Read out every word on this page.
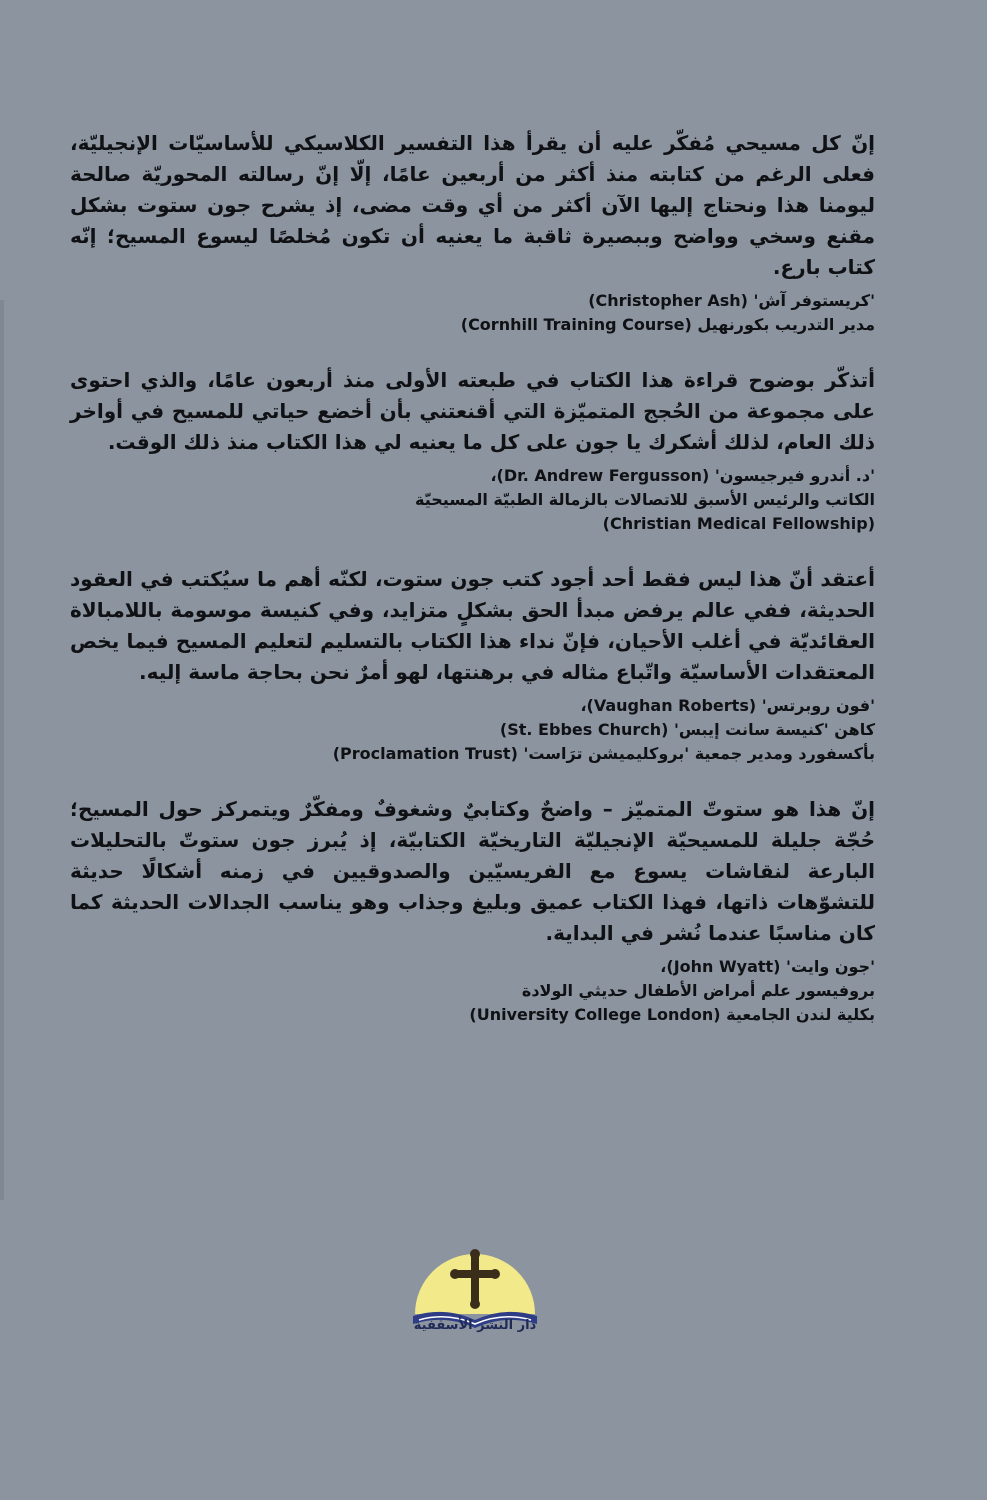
إنّ كل مسيحي مُفكّر عليه أن يقرأ هذا التفسير الكلاسيكي للأساسيّات الإنجيليّة، فعلى الرغم من كتابته منذ أكثر من أربعين عامًا، إلّا إنّ رسالته المحوريّة صالحة ليومنا هذا ونحتاج إليها الآن أكثر من أي وقت مضى، إذ يشرح جون ستوت بشكل مقنع وسخي وواضح وببصيرة ثاقبة ما يعنيه أن تكون مُخلصًا ليسوع المسيح؛ إنّه كتاب بارع.

'كريستوفر آش' (Christopher Ash)
مدير التدريب بكورنهيل (Cornhill Training Course)

أتذكّر بوضوح قراءة هذا الكتاب في طبعته الأولى منذ أربعون عامًا، والذي احتوى على مجموعة من الحُجج المتميّزة التي أقنعتني بأن أخضع حياتي للمسيح في أواخر ذلك العام، لذلك أشكرك يا جون على كل ما يعنيه لي هذا الكتاب منذ ذلك الوقت.

'د. أندرو فيرجيسون' (Dr. Andrew Fergusson)،
الكاتب والرئيس الأسبق للاتصالات بالزمالة الطبيّة المسيحيّة
(Christian Medical Fellowship)

أعتقد أنّ هذا ليس فقط أحد أجود كتب جون ستوت، لكنّه أهم ما سيُكتب في العقود الحديثة، ففي عالم يرفض مبدأ الحق بشكلٍ متزايد، وفي كنيسة موسومة باللامبالاة العقائديّة في أغلب الأحيان، فإنّ نداء هذا الكتاب بالتسليم لتعليم المسيح فيما يخص المعتقدات الأساسيّة واتّباع مثاله في برهنتها، لهو أمرٌ نحن بحاجة ماسة إليه.

'فون روبرتس' (Vaughan Roberts)،
كاهن 'كنيسة سانت إيبس' (St. Ebbes Church)
بأكسفورد ومدير جمعية 'بروكليميشن ترَاست' (Proclamation Trust)

إنّ هذا هو ستوتّ المتميّز – واضحٌ وكتابيٌ وشغوفٌ ومفكّرٌ ويتمركز حول المسيح؛ حُجّة جليلة للمسيحيّة الإنجيليّة التاريخيّة الكتابيّة، إذ يُبرز جون ستوتّ بالتحليلات البارعة لنقاشات يسوع مع الفريسيّين والصدوقيين في زمنه أشكالًا حديثة للتشوّهات ذاتها، فهذا الكتاب عميق وبليغ وجذاب وهو يناسب الجدالات الحديثة كما كان مناسبًا عندما نُشر في البداية.

'جون وايت' (John Wyatt)،
بروفيسور علم أمراض الأطفال حديثي الولادة
بكلية لندن الجامعية (University College London)

دار النشر الأسقفية
